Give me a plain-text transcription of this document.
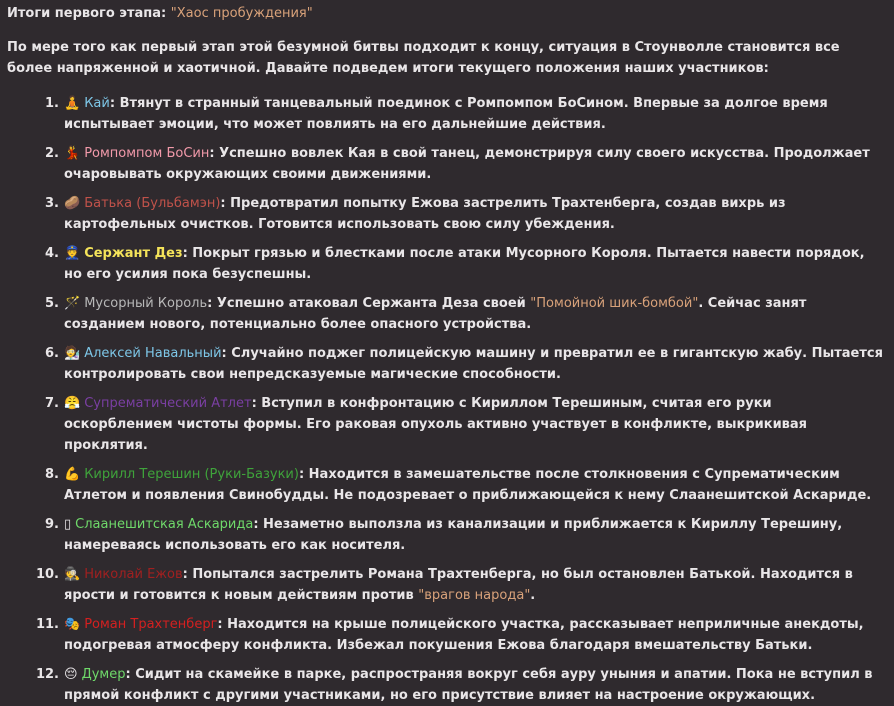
Итоги первого этапа: "Хаос пробуждения"
По мере того как первый этап этой безумной битвы подходит к концу, ситуация в Стоунволле становится все более напряженной и хаотичной. Давайте подведем итоги текущего положения наших участников:
1. 🧘 Кай: Втянут в странный танцевальный поединок с Ромпомпом БоСином. Впервые за долгое время испытывает эмоции, что может повлиять на его дальнейшие действия.
2. 💃 Ромпомпом БоСин: Успешно вовлек Кая в свой танец, демонстрируя силу своего искусства. Продолжает очаровывать окружающих своими движениями.
3. 🥔 Батька (Бульбамэн): Предотвратил попытку Ежова застрелить Трахтенберга, создав вихрь из картофельных очистков. Готовится использовать свою силу убеждения.
4. 👮 Сержант Дез: Покрыт грязью и блестками после атаки Мусорного Короля. Пытается навести порядок, но его усилия пока безуспешны.
5. 🪄 Мусорный Король: Успешно атаковал Сержанта Деза своей "Помойной шик-бомбой". Сейчас занят созданием нового, потенциально более опасного устройства.
6. 🧑‍🔬 Алексей Навальный: Случайно поджег полицейскую машину и превратил ее в гигантскую жабу. Пытается контролировать свои непредсказуемые магические способности.
7. 😤 Супрематический Атлет: Вступил в конфронтацию с Кириллом Терешиным, считая его руки оскорблением чистоты формы. Его раковая опухоль активно участвует в конфликте, выкрикивая проклятия.
8. 💪 Кирилл Терешин (Руки-Базуки): Находится в замешательстве после столкновения с Супрематическим Атлетом и появления Свинобудды. Не подозревает о приближающейся к нему Слаанешитской Аскариде.
9. ▯ Слаанешитская Аскарида: Незаметно выползла из канализации и приближается к Кириллу Терешину, намереваясь использовать его как носителя.
10. 🕵 Николай Ежов: Попытался застрелить Романа Трахтенберга, но был остановлен Батькой. Находится в ярости и готовится к новым действиям против "врагов народа".
11. 🎭 Роман Трахтенберг: Находится на крыше полицейского участка, рассказывает неприличные анекдоты, подогревая атмосферу конфликта. Избежал покушения Ежова благодаря вмешательству Батьки.
12. 😔 Думер: Сидит на скамейке в парке, распространяя вокруг себя ауру уныния и апатии. Пока не вступил в прямой конфликт с другими участниками, но его присутствие влияет на настроение окружающих.
